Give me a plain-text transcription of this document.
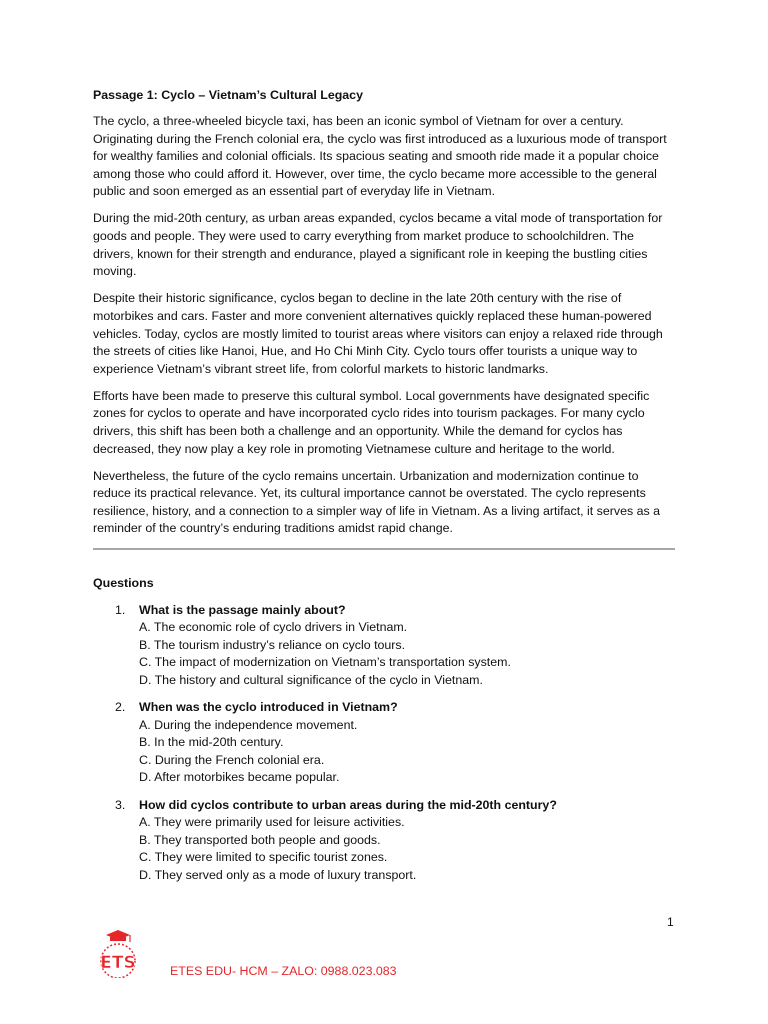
Passage 1: Cyclo – Vietnam’s Cultural Legacy

The cyclo, a three-wheeled bicycle taxi, has been an iconic symbol of Vietnam for over a century. Originating during the French colonial era, the cyclo was first introduced as a luxurious mode of transport for wealthy families and colonial officials. Its spacious seating and smooth ride made it a popular choice among those who could afford it. However, over time, the cyclo became more accessible to the general public and soon emerged as an essential part of everyday life in Vietnam.

During the mid-20th century, as urban areas expanded, cyclos became a vital mode of transportation for goods and people. They were used to carry everything from market produce to schoolchildren. The drivers, known for their strength and endurance, played a significant role in keeping the bustling cities moving.

Despite their historic significance, cyclos began to decline in the late 20th century with the rise of motorbikes and cars. Faster and more convenient alternatives quickly replaced these human-powered vehicles. Today, cyclos are mostly limited to tourist areas where visitors can enjoy a relaxed ride through the streets of cities like Hanoi, Hue, and Ho Chi Minh City. Cyclo tours offer tourists a unique way to experience Vietnam’s vibrant street life, from colorful markets to historic landmarks.

Efforts have been made to preserve this cultural symbol. Local governments have designated specific zones for cyclos to operate and have incorporated cyclo rides into tourism packages. For many cyclo drivers, this shift has been both a challenge and an opportunity. While the demand for cyclos has decreased, they now play a key role in promoting Vietnamese culture and heritage to the world.

Nevertheless, the future of the cyclo remains uncertain. Urbanization and modernization continue to reduce its practical relevance. Yet, its cultural importance cannot be overstated. The cyclo represents resilience, history, and a connection to a simpler way of life in Vietnam. As a living artifact, it serves as a reminder of the country’s enduring traditions amidst rapid change.

Questions
1. What is the passage mainly about?
A. The economic role of cyclo drivers in Vietnam.
B. The tourism industry’s reliance on cyclo tours.
C. The impact of modernization on Vietnam’s transportation system.
D. The history and cultural significance of the cyclo in Vietnam.
2. When was the cyclo introduced in Vietnam?
A. During the independence movement.
B. In the mid-20th century.
C. During the French colonial era.
D. After motorbikes became popular.
3. How did cyclos contribute to urban areas during the mid-20th century?
A. They were primarily used for leisure activities.
B. They transported both people and goods.
C. They were limited to specific tourist zones.
D. They served only as a mode of luxury transport.
1
ETS	ETES EDU- HCM – ZALO: 0988.023.083
